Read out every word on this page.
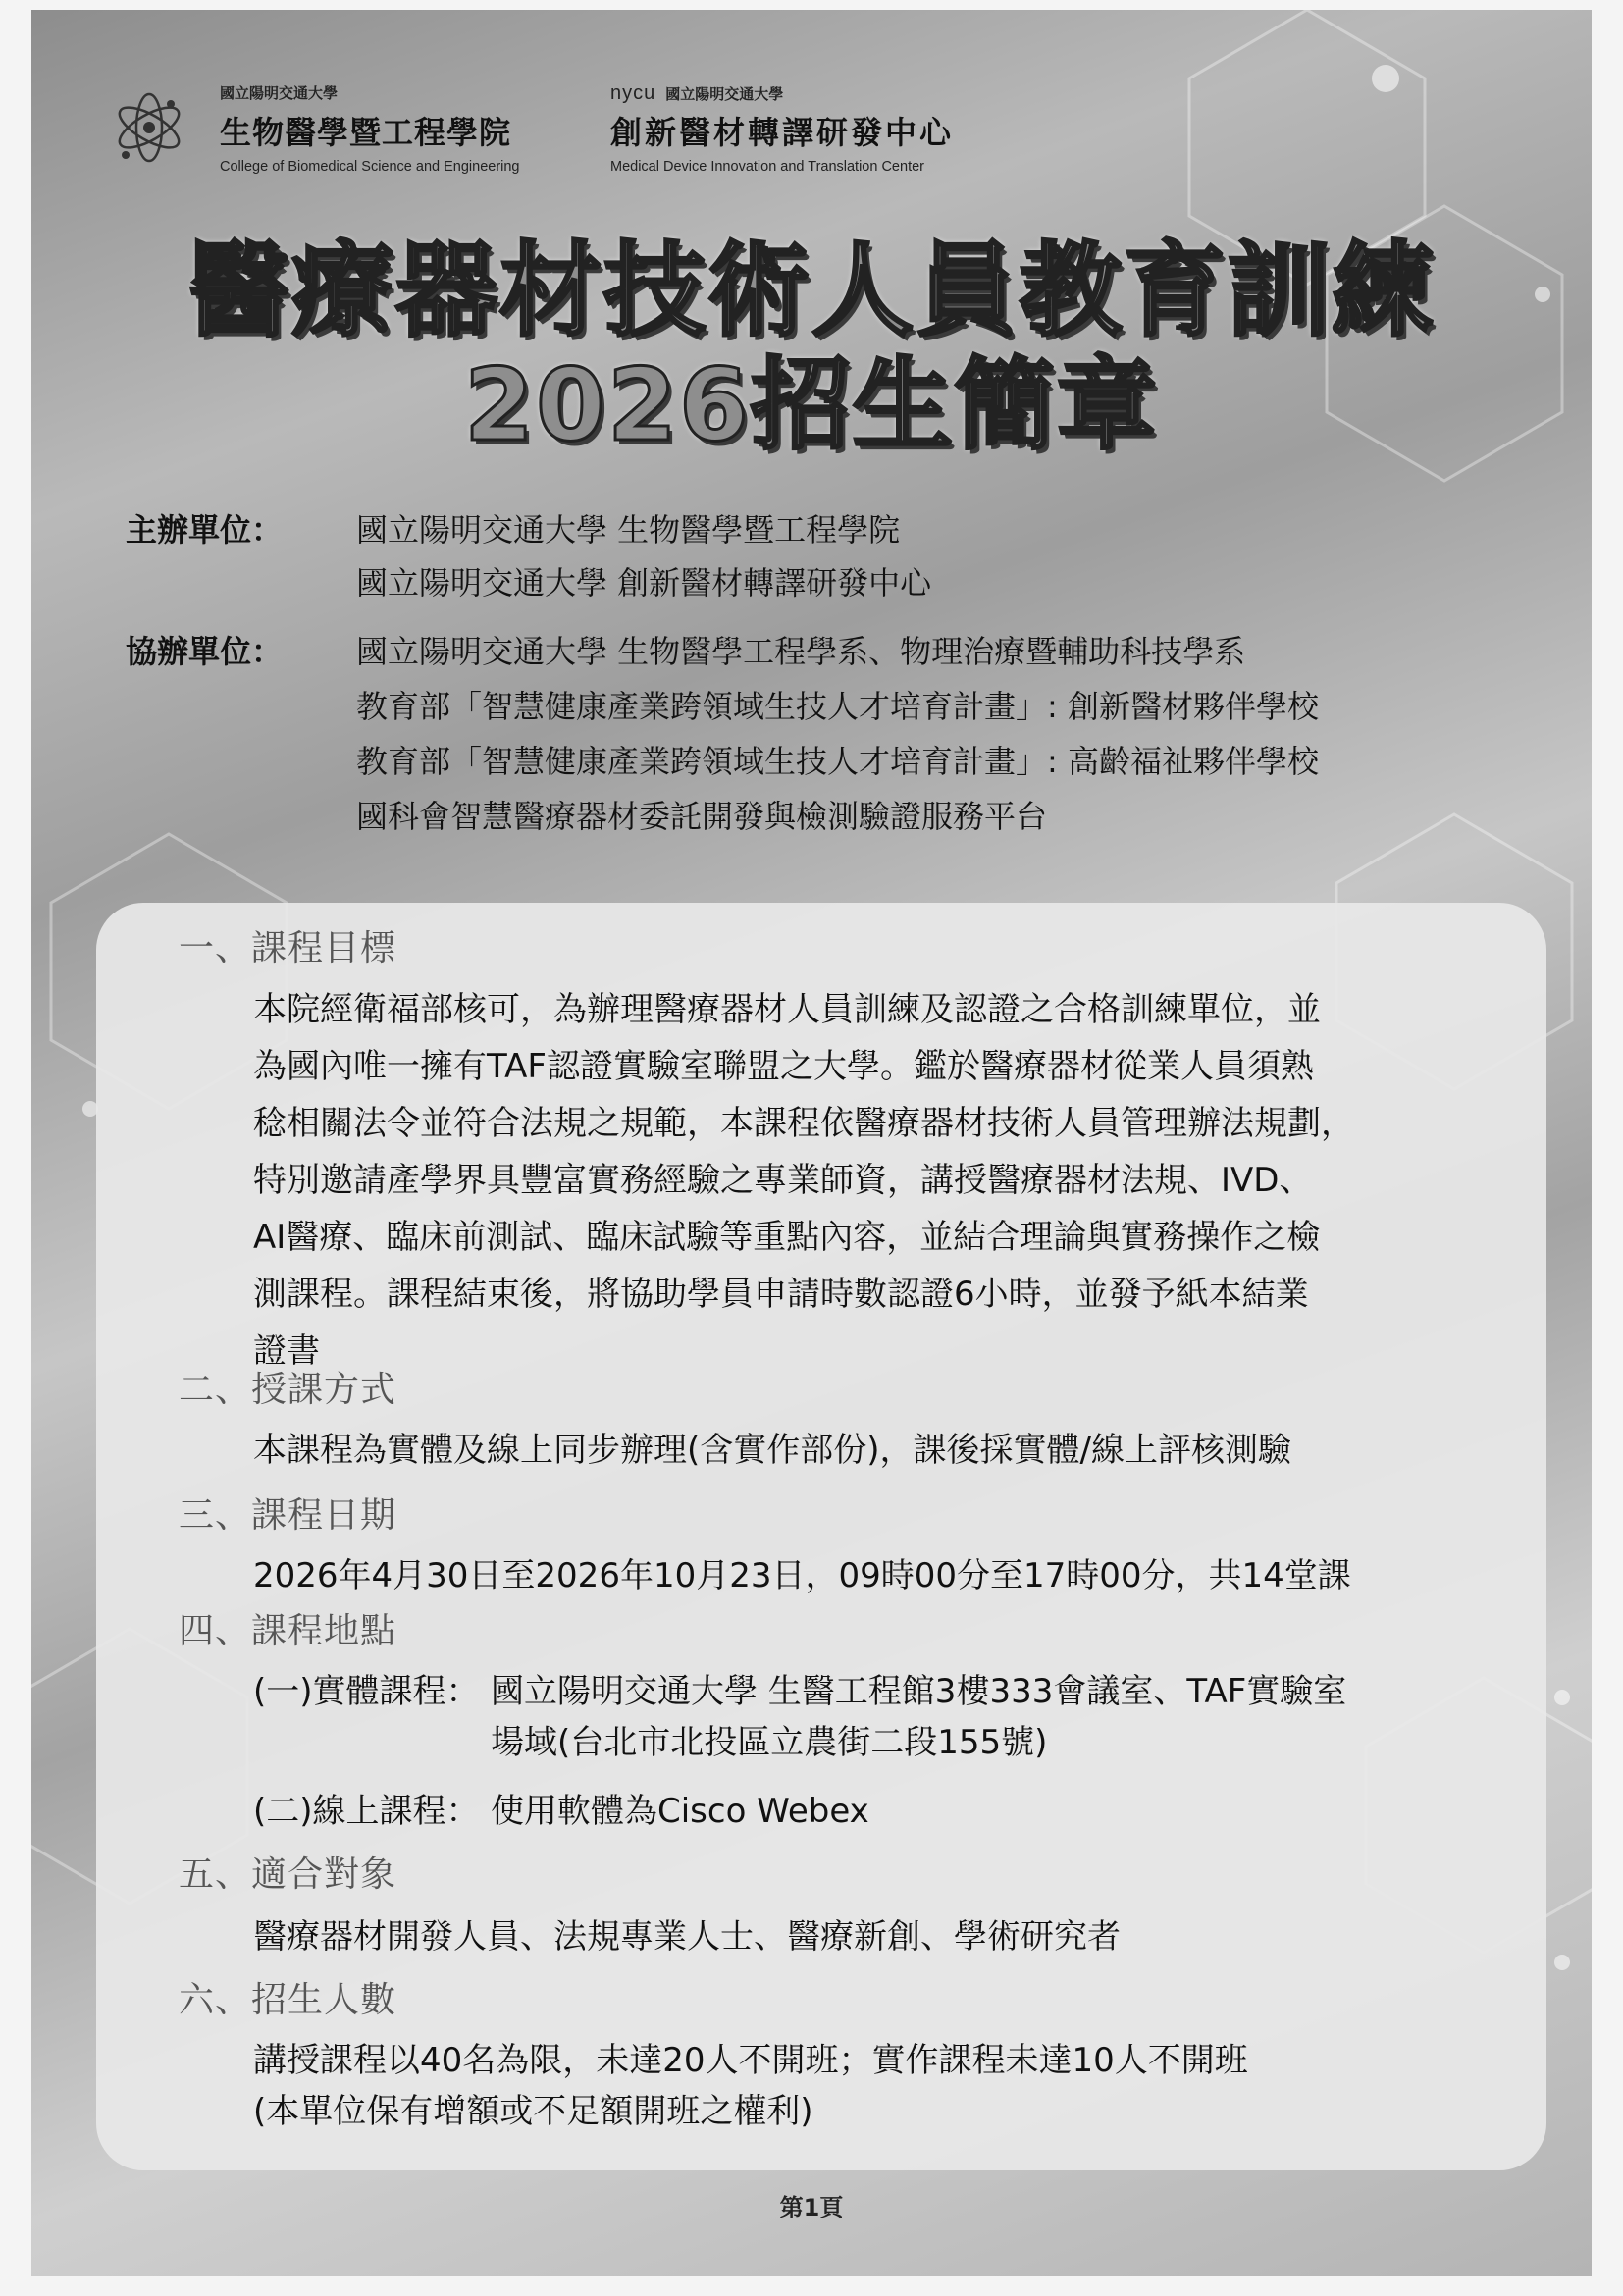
國立陽明交通大學
生物醫學暨工程學院
College of Biomedical Science and Engineering
nycu 國立陽明交通大學
創新醫材轉譯研發中心
Medical Device Innovation and Translation Center
醫療器材技術人員教育訓練
2026招生簡章
主辦單位：	國立陽明交通大學 生物醫學暨工程學院
國立陽明交通大學 創新醫材轉譯研發中心
協辦單位：	國立陽明交通大學 生物醫學工程學系、物理治療暨輔助科技學系
教育部「智慧健康產業跨領域生技人才培育計畫」: 創新醫材夥伴學校
教育部「智慧健康產業跨領域生技人才培育計畫」: 高齡福祉夥伴學校
國科會智慧醫療器材委託開發與檢測驗證服務平台
一、課程目標
本院經衛福部核可，為辦理醫療器材人員訓練及認證之合格訓練單位，並
為國內唯一擁有TAF認證實驗室聯盟之大學。鑑於醫療器材從業人員須熟
稔相關法令並符合法規之規範，本課程依醫療器材技術人員管理辦法規劃，
特別邀請產學界具豐富實務經驗之專業師資，講授醫療器材法規、IVD、
AI醫療、臨床前測試、臨床試驗等重點內容，並結合理論與實務操作之檢
測課程。課程結束後，將協助學員申請時數認證6小時，並發予紙本結業
證書
二、授課方式
本課程為實體及線上同步辦理(含實作部份)，課後採實體/線上評核測驗
三、課程日期
2026年4月30日至2026年10月23日，09時00分至17時00分，共14堂課
四、課程地點
(一)實體課程： 國立陽明交通大學 生醫工程館3樓333會議室、TAF實驗室
場域(台北市北投區立農街二段155號)
(二)線上課程： 使用軟體為Cisco Webex
五、適合對象
醫療器材開發人員、法規專業人士、醫療新創、學術研究者
六、招生人數
講授課程以40名為限，未達20人不開班；實作課程未達10人不開班
(本單位保有增額或不足額開班之權利)
第1頁
